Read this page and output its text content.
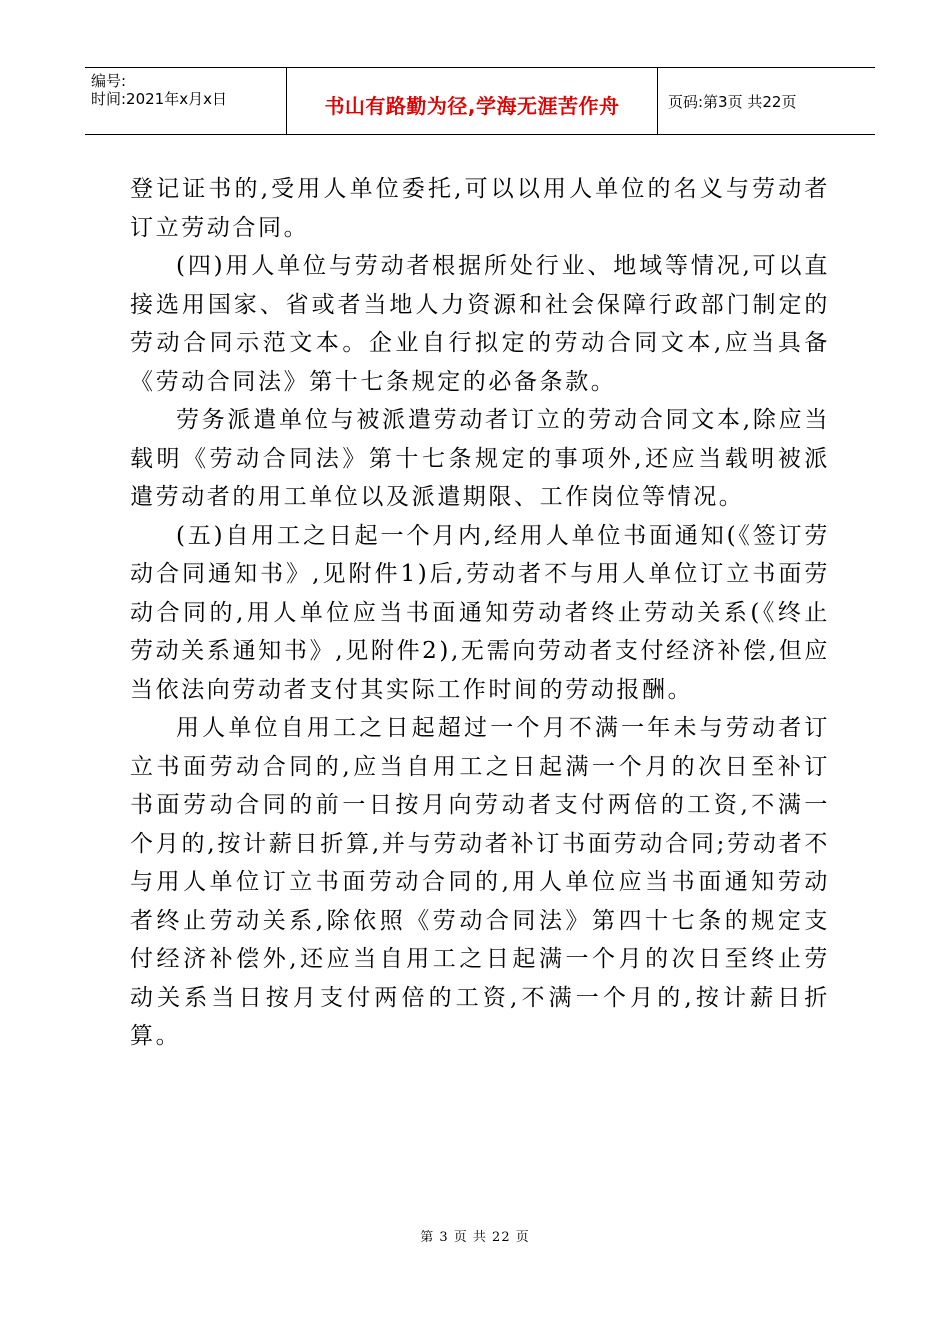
编号:
时间:2021年x月x日	书山有路勤为径,学海无涯苦作舟	页码:第3页 共22页

登记证书的,受用人单位委托,可以以用人单位的名义与劳动者订立劳动合同。

(四)用人单位与劳动者根据所处行业、地域等情况,可以直接选用国家、省或者当地人力资源和社会保障行政部门制定的劳动合同示范文本。企业自行拟定的劳动合同文本,应当具备《劳动合同法》第十七条规定的必备条款。

劳务派遣单位与被派遣劳动者订立的劳动合同文本,除应当载明《劳动合同法》第十七条规定的事项外,还应当载明被派遣劳动者的用工单位以及派遣期限、工作岗位等情况。

(五)自用工之日起一个月内,经用人单位书面通知(《签订劳动合同通知书》,见附件1)后,劳动者不与用人单位订立书面劳动合同的,用人单位应当书面通知劳动者终止劳动关系(《终止劳动关系通知书》,见附件2),无需向劳动者支付经济补偿,但应当依法向劳动者支付其实际工作时间的劳动报酬。

用人单位自用工之日起超过一个月不满一年未与劳动者订立书面劳动合同的,应当自用工之日起满一个月的次日至补订书面劳动合同的前一日按月向劳动者支付两倍的工资,不满一个月的,按计薪日折算,并与劳动者补订书面劳动合同;劳动者不与用人单位订立书面劳动合同的,用人单位应当书面通知劳动者终止劳动关系,除依照《劳动合同法》第四十七条的规定支付经济补偿外,还应当自用工之日起满一个月的次日至终止劳动关系当日按月支付两倍的工资,不满一个月的,按计薪日折算。

第 3 页 共 22 页
